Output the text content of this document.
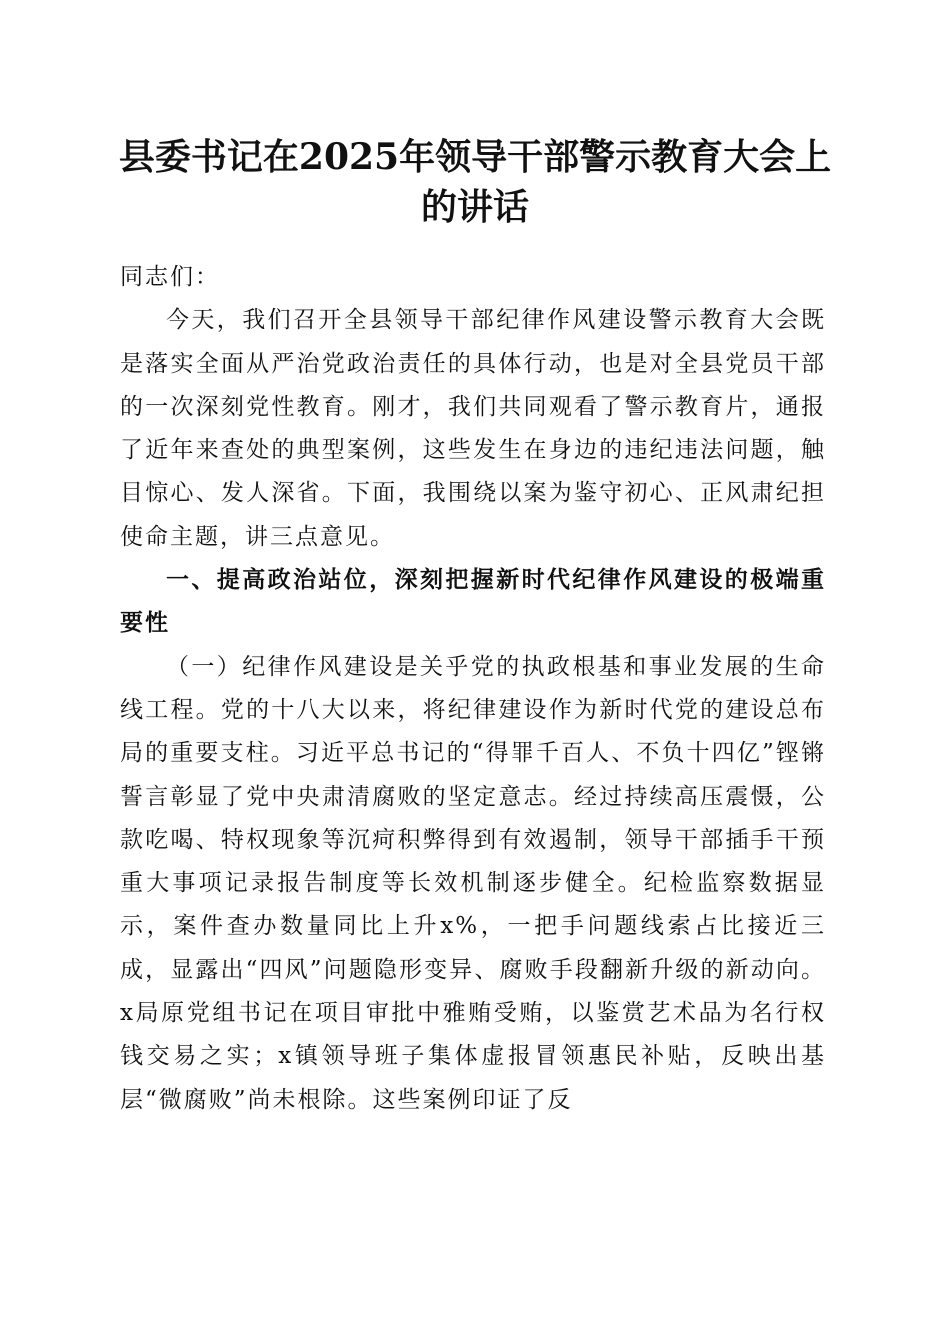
县委书记在2025年领导干部警示教育大会上
的讲话

同志们：

今天，我们召开全县领导干部纪律作风建设警示教育大会既是落实全面从严治党政治责任的具体行动，也是对全县党员干部的一次深刻党性教育。刚才，我们共同观看了警示教育片，通报了近年来查处的典型案例，这些发生在身边的违纪违法问题，触目惊心、发人深省。下面，我围绕以案为鉴守初心、正风肃纪担使命主题，讲三点意见。

一、提高政治站位，深刻把握新时代纪律作风建设的极端重要性

（一）纪律作风建设是关乎党的执政根基和事业发展的生命线工程。党的十八大以来，将纪律建设作为新时代党的建设总布局的重要支柱。习近平总书记的“得罪千百人、不负十四亿”铿锵誓言彰显了党中央肃清腐败的坚定意志。经过持续高压震慑，公款吃喝、特权现象等沉疴积弊得到有效遏制，领导干部插手干预重大事项记录报告制度等长效机制逐步健全。纪检监察数据显示，案件查办数量同比上升x%，一把手问题线索占比接近三成，显露出“四风”问题隐形变异、腐败手段翻新升级的新动向。x局原党组书记在项目审批中雅贿受贿，以鉴赏艺术品为名行权钱交易之实；x镇领导班子集体虚报冒领惠民补贴，反映出基层“微腐败”尚未根除。这些案例印证了反
